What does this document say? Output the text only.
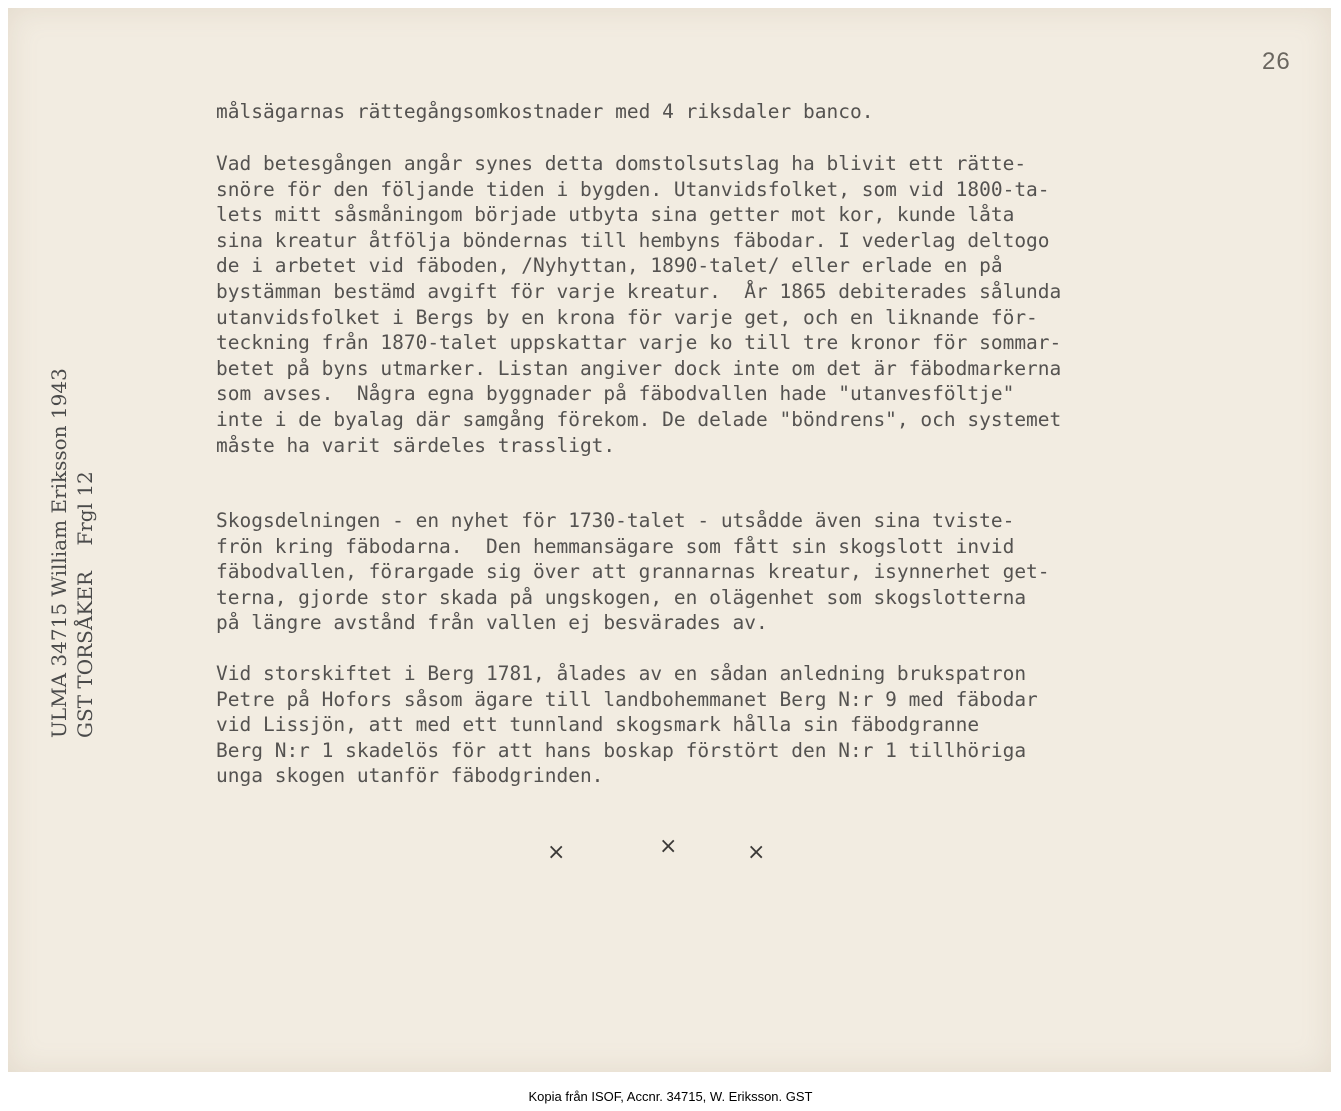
26
målsägarnas rättegångsomkostnader med 4 riksdaler banco.
Vad betesgången angår synes detta domstolsutslag ha blivit ett rätte-
snöre för den följande tiden i bygden. Utanvidsfolket, som vid 1800-ta-
lets mitt såsmåningom började utbyta sina getter mot kor, kunde låta
sina kreatur åtfölja böndernas till hembyns fäbodar. I vederlag deltogo
de i arbetet vid fäboden, /Nyhyttan, 1890-talet/ eller erlade en på
bystämman bestämd avgift för varje kreatur.  År 1865 debiterades sålunda
utanvidsfolket i Bergs by en krona för varje get, och en liknande för-
teckning från 1870-talet uppskattar varje ko till tre kronor för sommar-
betet på byns utmarker. Listan angiver dock inte om det är fäbodmarkerna
som avses.  Några egna byggnader på fäbodvallen hade "utanvesföltje"
inte i de byalag där samgång förekom. De delade "böndrens", och systemet
måste ha varit särdeles trassligt.
Skogsdelningen - en nyhet för 1730-talet - utsådde även sina tviste-
frön kring fäbodarna.  Den hemmansägare som fått sin skogslott invid
fäbodvallen, förargade sig över att grannarnas kreatur, isynnerhet get-
terna, gjorde stor skada på ungskogen, en olägenhet som skogslotterna
på längre avstånd från vallen ej besvärades av.
Vid storskiftet i Berg 1781, ålades av en sådan anledning brukspatron
Petre på Hofors såsom ägare till landbohemmanet Berg N:r 9 med fäbodar
vid Lissjön, att med ett tunnland skogsmark hålla sin fäbodgranne
Berg N:r 1 skadelös för att hans boskap förstört den N:r 1 tillhöriga
unga skogen utanför fäbodgrinden.
×	×	×
ULMA 34715 William Eriksson 1943 GST TORSÅKER    Frgl 12
Kopia från ISOF, Accnr. 34715, W. Eriksson. GST
